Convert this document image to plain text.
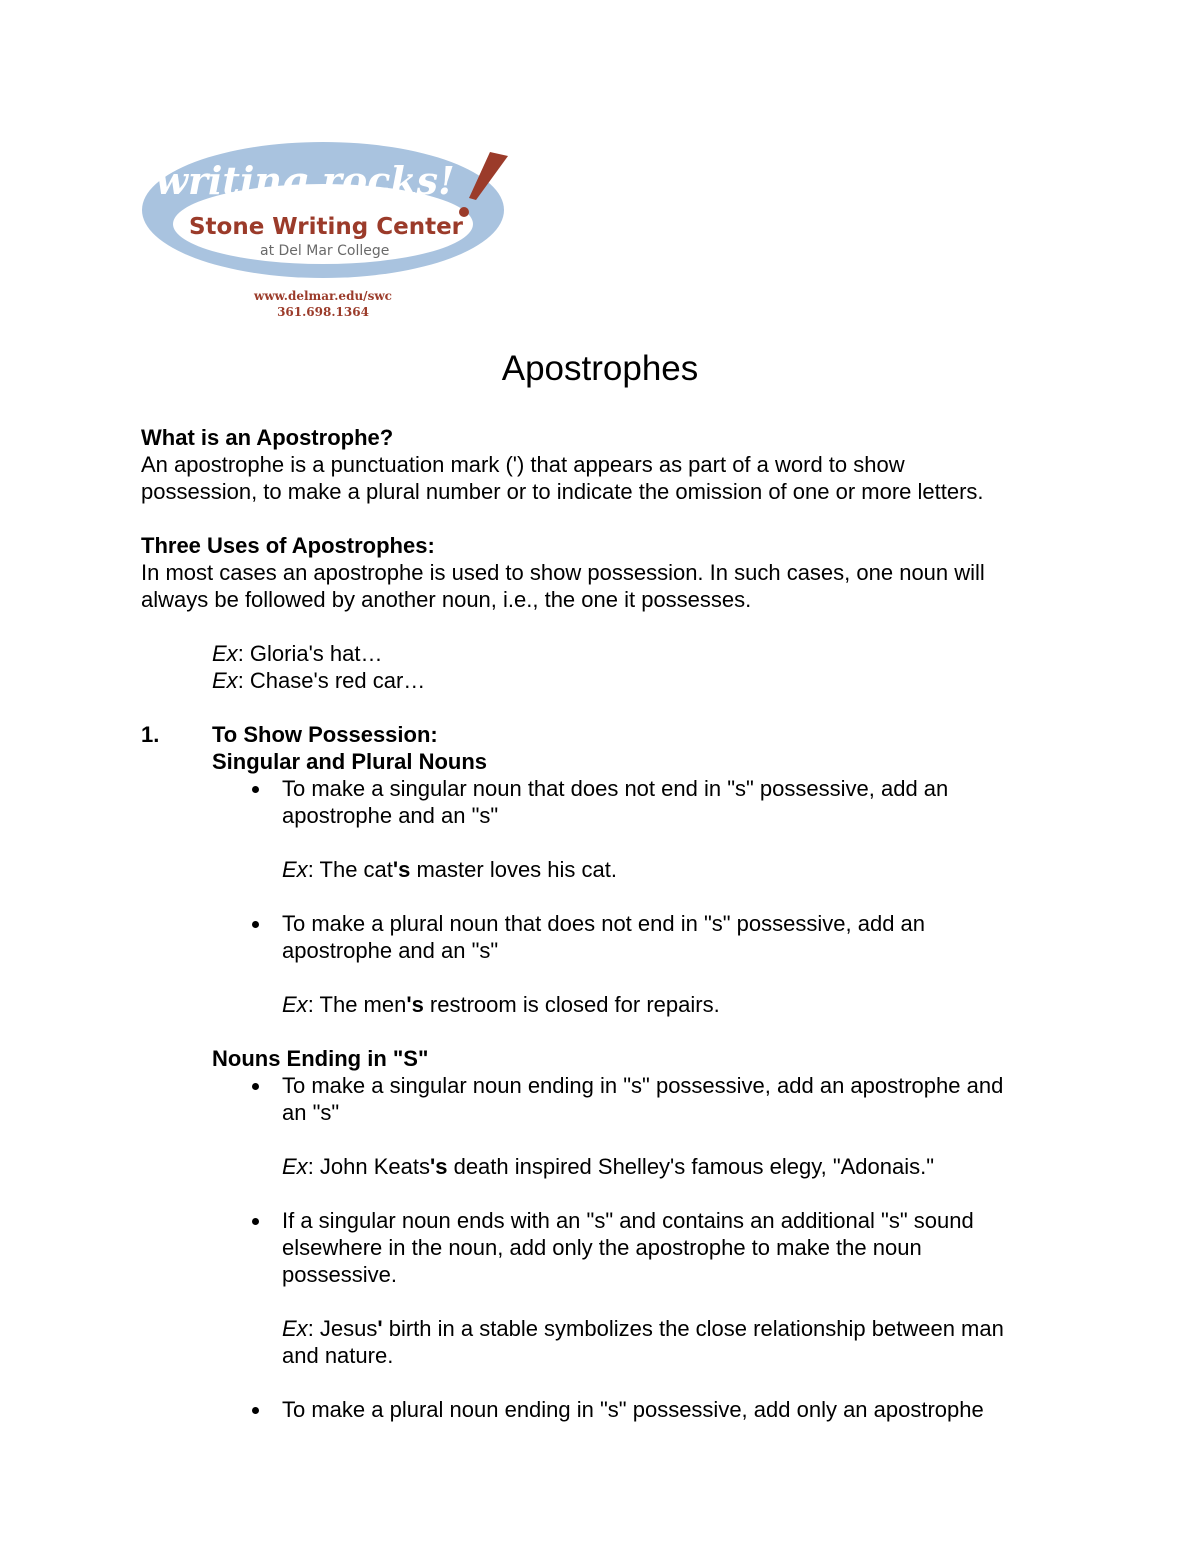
writing rocks!
Stone Writing Center
at Del Mar College
www.delmar.edu/swc
361.698.1364
Apostrophes

What is an Apostrophe?

An apostrophe is a punctuation mark (') that appears as part of a word to show

possession, to make a plural number or to indicate the omission of one or more letters.

Three Uses of Apostrophes:

In most cases an apostrophe is used to show possession. In such cases, one noun will

always be followed by another noun, i.e., the one it possesses.

Ex: Gloria's hat…

Ex: Chase's red car…

1. To Show Possession:

Singular and Plural Nouns

To make a singular noun that does not end in "s" possessive, add an

apostrophe and an "s"

Ex: The cat's master loves his cat.

To make a plural noun that does not end in "s" possessive, add an

apostrophe and an "s"

Ex: The men's restroom is closed for repairs.

Nouns Ending in "S"

To make a singular noun ending in "s" possessive, add an apostrophe and

an "s"

Ex: John Keats's death inspired Shelley's famous elegy, "Adonais."

If a singular noun ends with an "s" and contains an additional "s" sound

elsewhere in the noun, add only the apostrophe to make the noun

possessive.

Ex: Jesus' birth in a stable symbolizes the close relationship between man

and nature.

To make a plural noun ending in "s" possessive, add only an apostrophe
